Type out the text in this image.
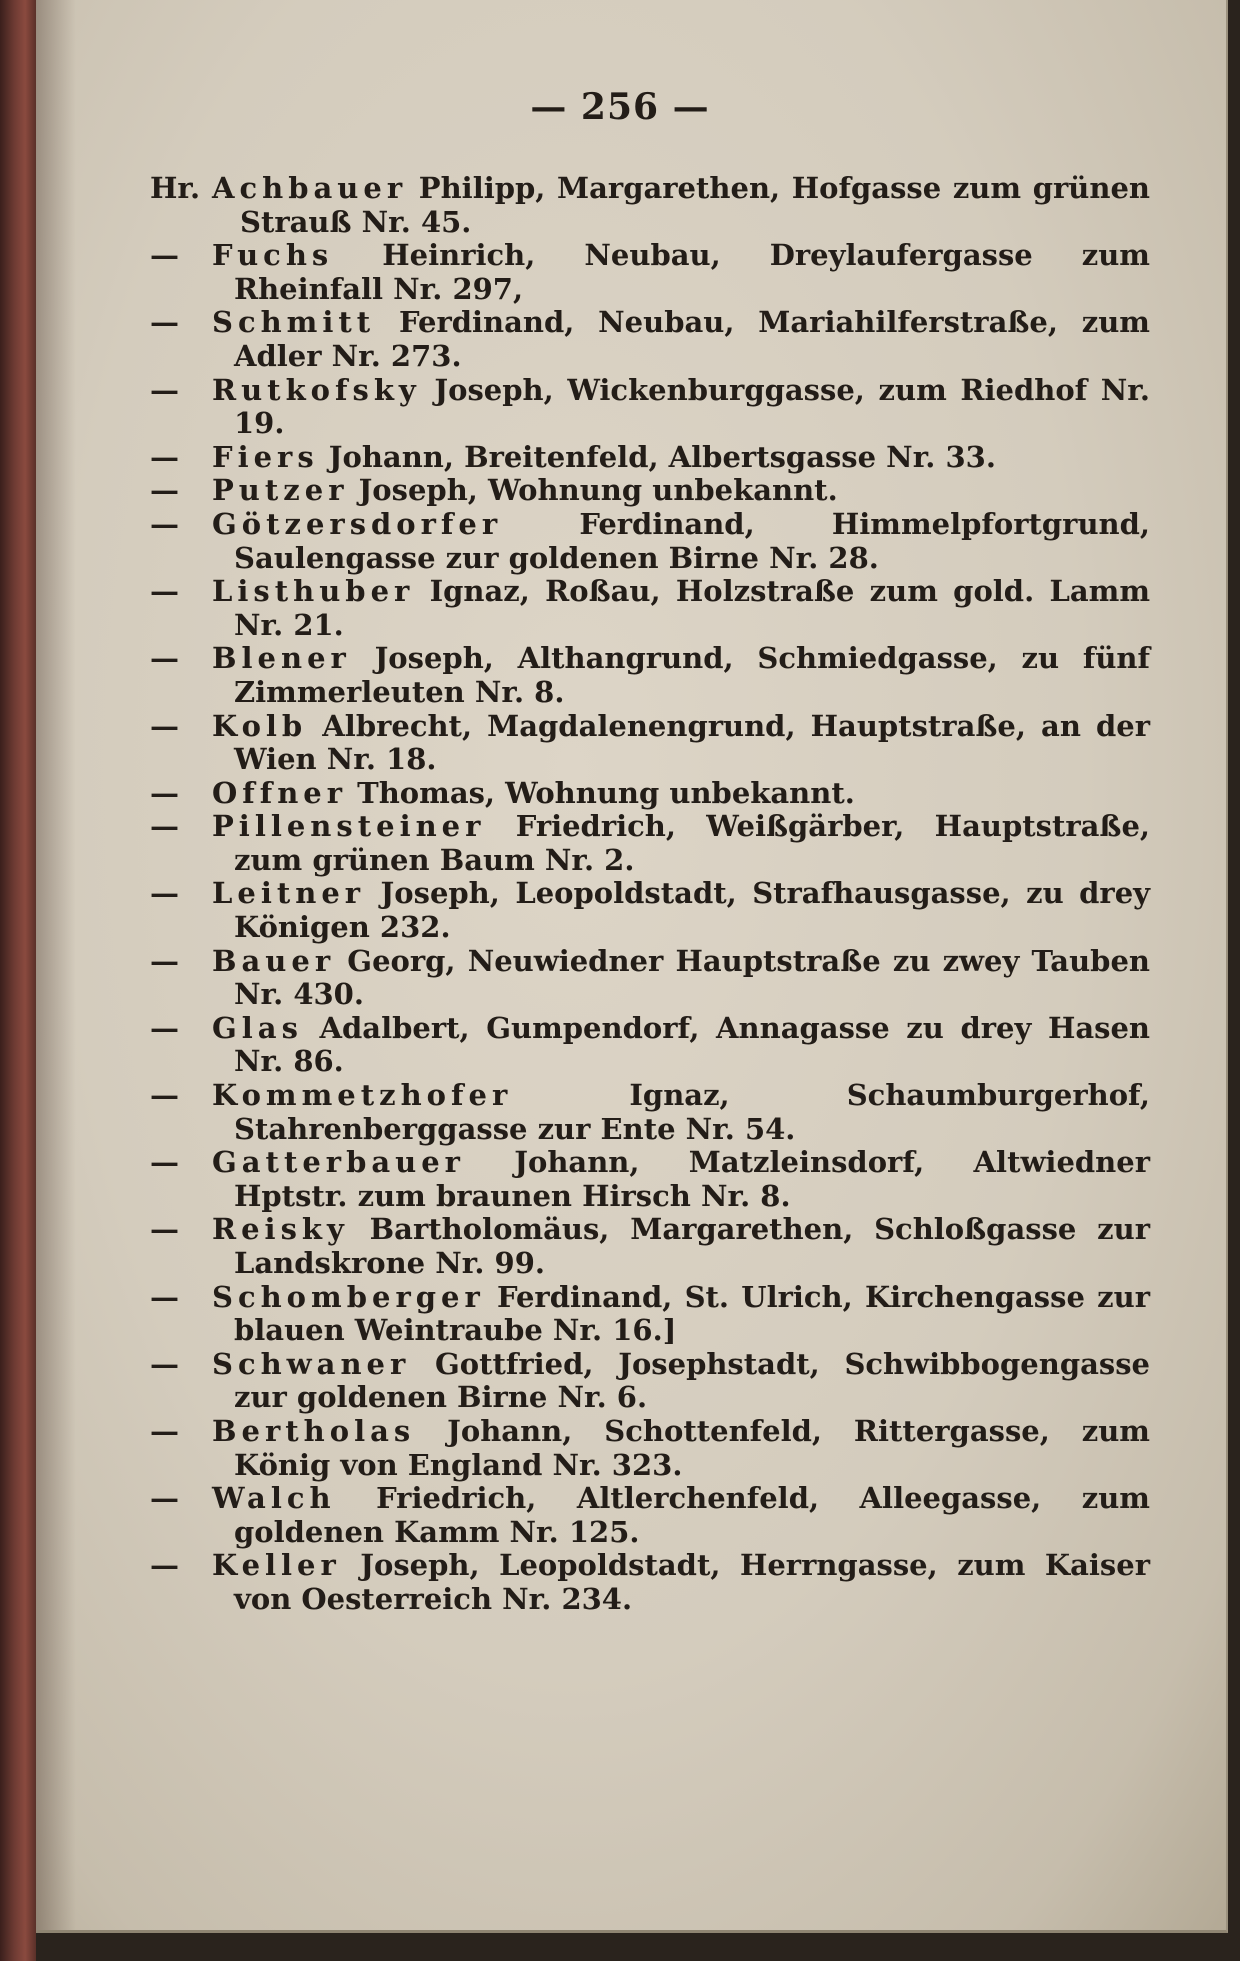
— 256 —

Hr. Achbauer Philipp, Margarethen, Hofgasse zum grünen Strauß Nr. 45.

— Fuchs Heinrich, Neubau, Dreylaufergasse zum Rheinfall Nr. 297,

— Schmitt Ferdinand, Neubau, Mariahilferstraße, zum Adler Nr. 273.

— Rutkofsky Joseph, Wickenburggasse, zum Riedhof Nr. 19.

— Fiers Johann, Breitenfeld, Albertsgasse Nr. 33.

— Putzer Joseph, Wohnung unbekannt.

— Götzersdorfer Ferdinand, Himmelpfortgrund, Saulengasse zur goldenen Birne Nr. 28.

— Listhuber Ignaz, Roßau, Holzstraße zum gold. Lamm Nr. 21.

— Blener Joseph, Althangrund, Schmiedgasse, zu fünf Zimmerleuten Nr. 8.

— Kolb Albrecht, Magdalenengrund, Hauptstraße, an der Wien Nr. 18.

— Offner Thomas, Wohnung unbekannt.

— Pillensteiner Friedrich, Weißgärber, Hauptstraße, zum grünen Baum Nr. 2.

— Leitner Joseph, Leopoldstadt, Strafhausgasse, zu drey Königen 232.

— Bauer Georg, Neuwiedner Hauptstraße zu zwey Tauben Nr. 430.

— Glas Adalbert, Gumpendorf, Annagasse zu drey Hasen Nr. 86.

— Kommetzhofer Ignaz, Schaumburgerhof, Stahrenberggasse zur Ente Nr. 54.

— Gatterbauer Johann, Matzleinsdorf, Altwiedner Hptstr. zum braunen Hirsch Nr. 8.

— Reisky Bartholomäus, Margarethen, Schloßgasse zur Landskrone Nr. 99.

— Schomberger Ferdinand, St. Ulrich, Kirchengasse zur blauen Weintraube Nr. 16.]

— Schwaner Gottfried, Josephstadt, Schwibbogengasse zur goldenen Birne Nr. 6.

— Bertholas Johann, Schottenfeld, Rittergasse, zum König von England Nr. 323.

— Walch Friedrich, Altlerchenfeld, Alleegasse, zum goldenen Kamm Nr. 125.

— Keller Joseph, Leopoldstadt, Herrngasse, zum Kaiser von Oesterreich Nr. 234.
